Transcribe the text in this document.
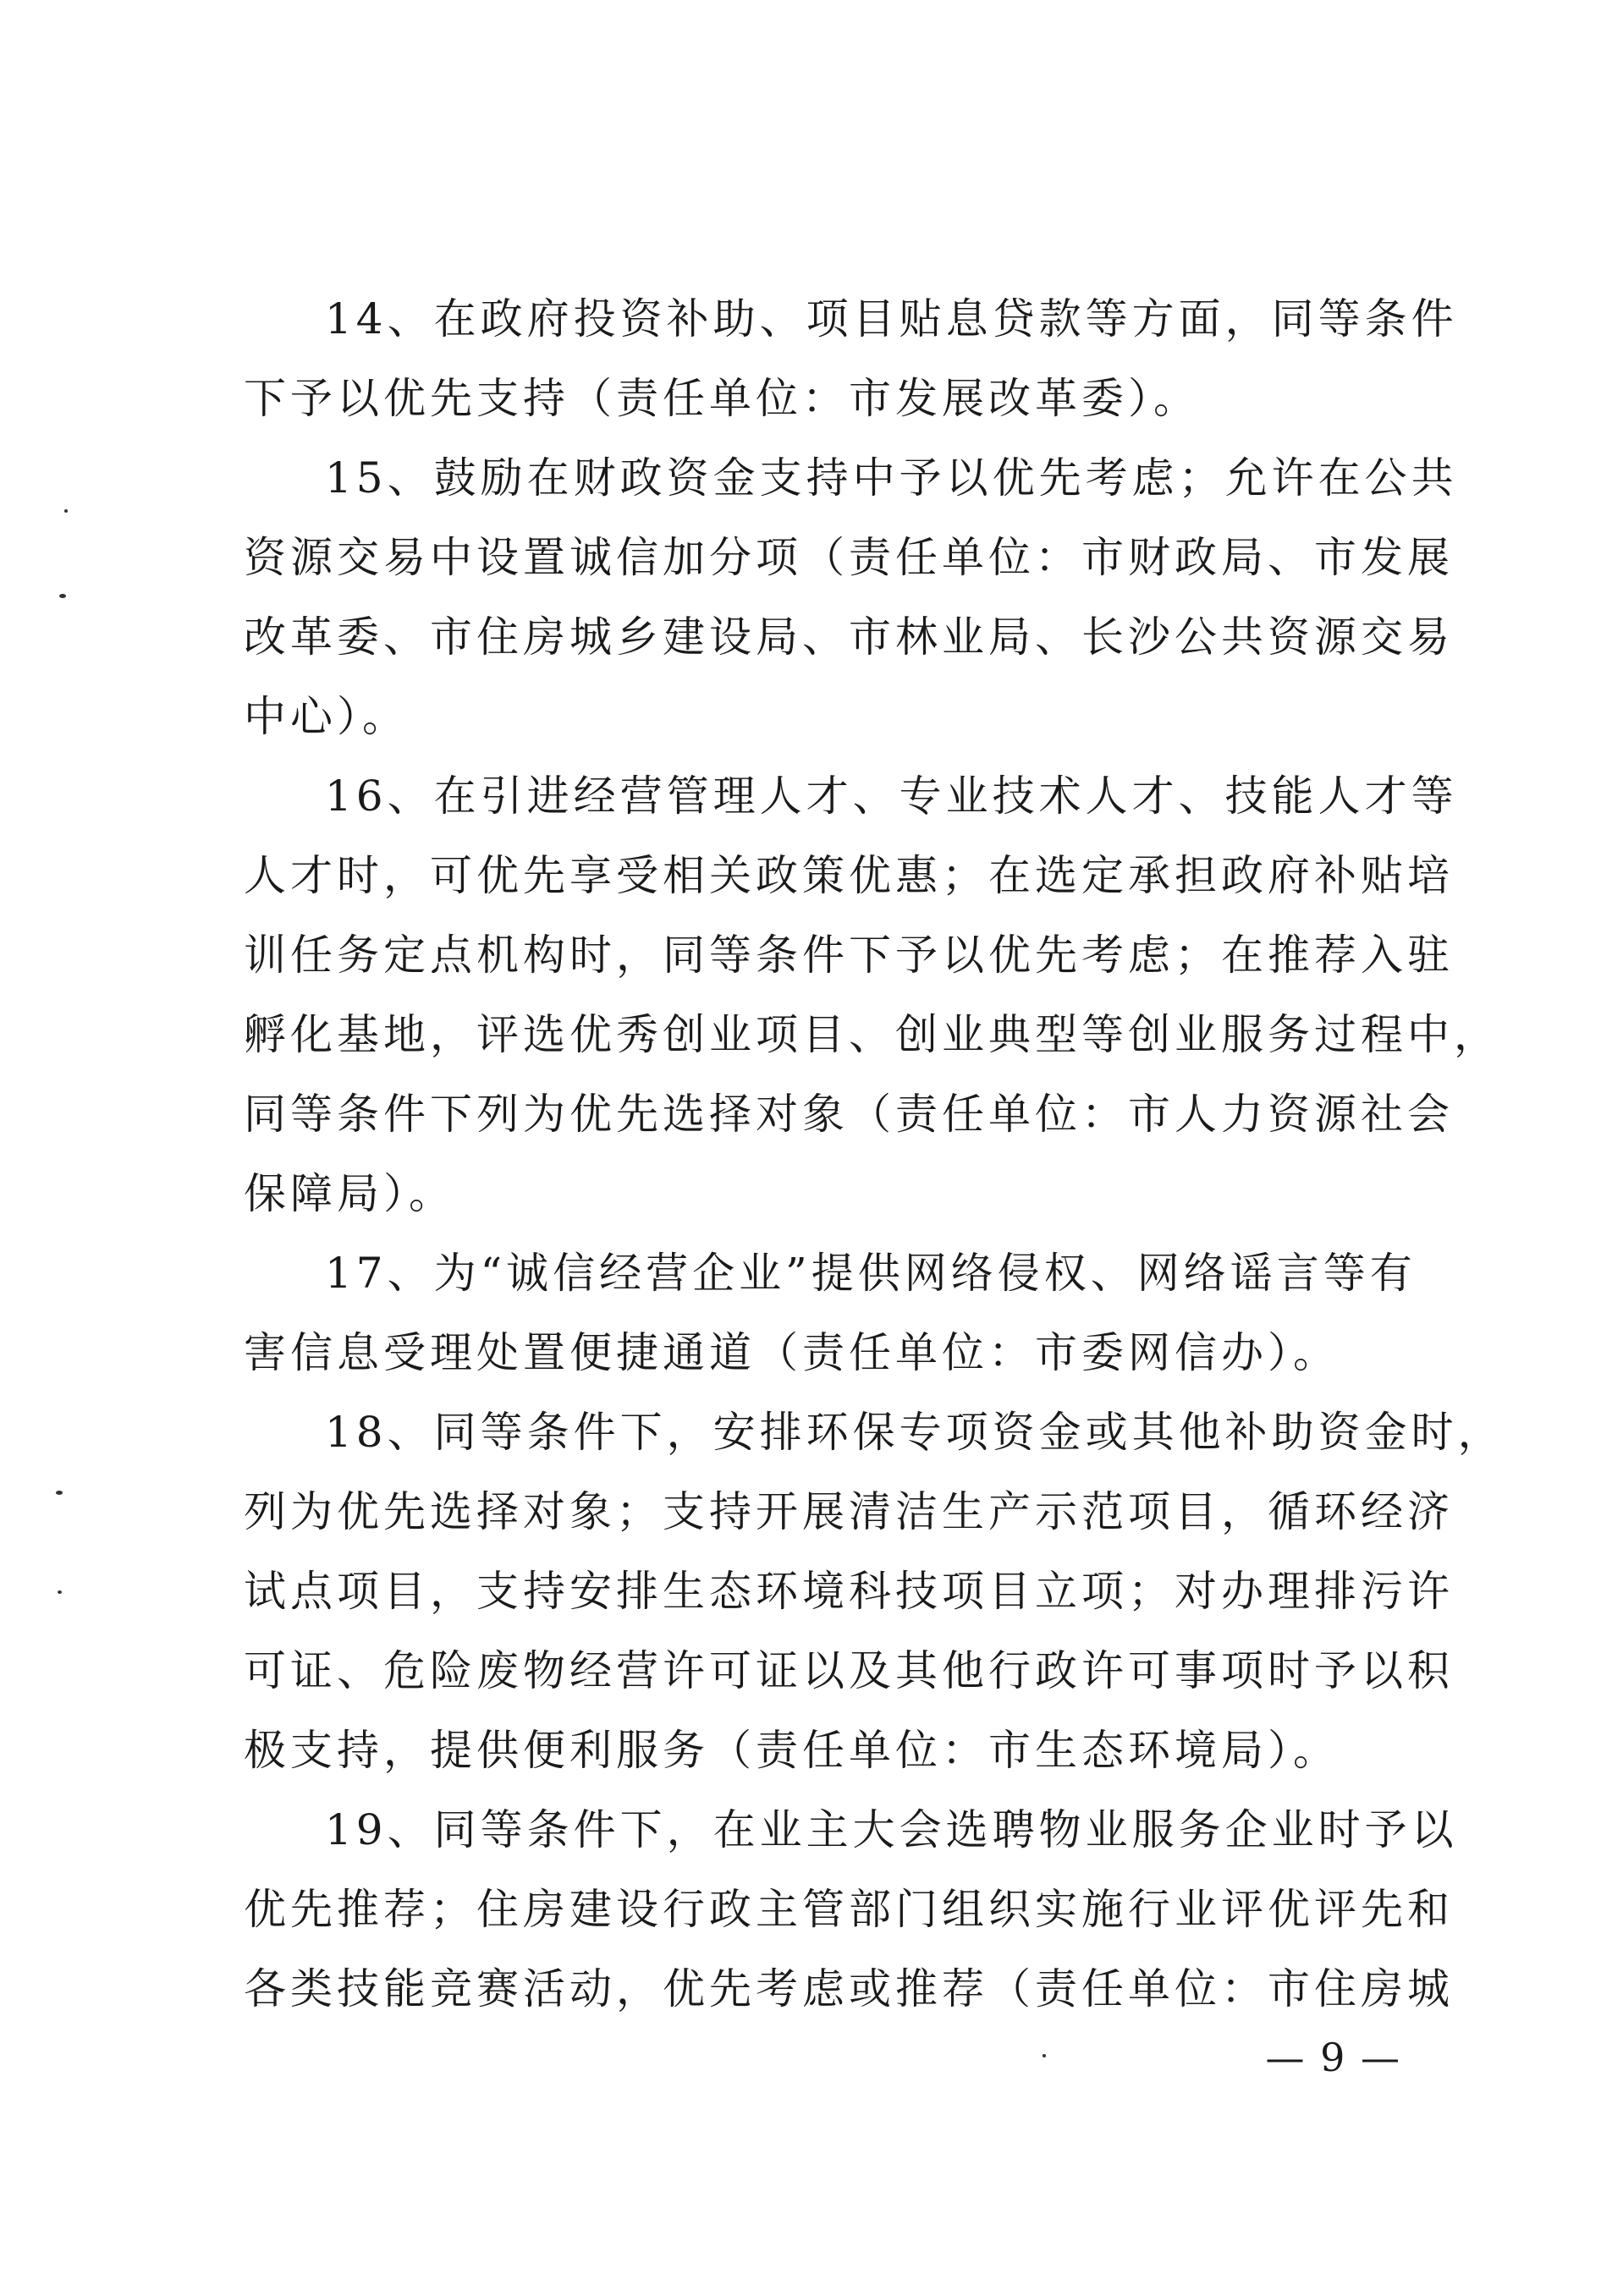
14、在政府投资补助、项目贴息贷款等方面，同等条件
下予以优先支持（责任单位：市发展改革委）。
15、鼓励在财政资金支持中予以优先考虑；允许在公共
资源交易中设置诚信加分项（责任单位：市财政局、市发展
改革委、市住房城乡建设局、市林业局、长沙公共资源交易
中心）。
16、在引进经营管理人才、专业技术人才、技能人才等
人才时，可优先享受相关政策优惠；在选定承担政府补贴培
训任务定点机构时，同等条件下予以优先考虑；在推荐入驻
孵化基地，评选优秀创业项目、创业典型等创业服务过程中，
同等条件下列为优先选择对象（责任单位：市人力资源社会
保障局）。
17、为“诚信经营企业”提供网络侵权、网络谣言等有
害信息受理处置便捷通道（责任单位：市委网信办）。
18、同等条件下，安排环保专项资金或其他补助资金时，
列为优先选择对象；支持开展清洁生产示范项目，循环经济
试点项目，支持安排生态环境科技项目立项；对办理排污许
可证、危险废物经营许可证以及其他行政许可事项时予以积
极支持，提供便利服务（责任单位：市生态环境局）。
19、同等条件下，在业主大会选聘物业服务企业时予以
优先推荐；住房建设行政主管部门组织实施行业评优评先和
各类技能竞赛活动，优先考虑或推荐（责任单位：市住房城
— 9 —
